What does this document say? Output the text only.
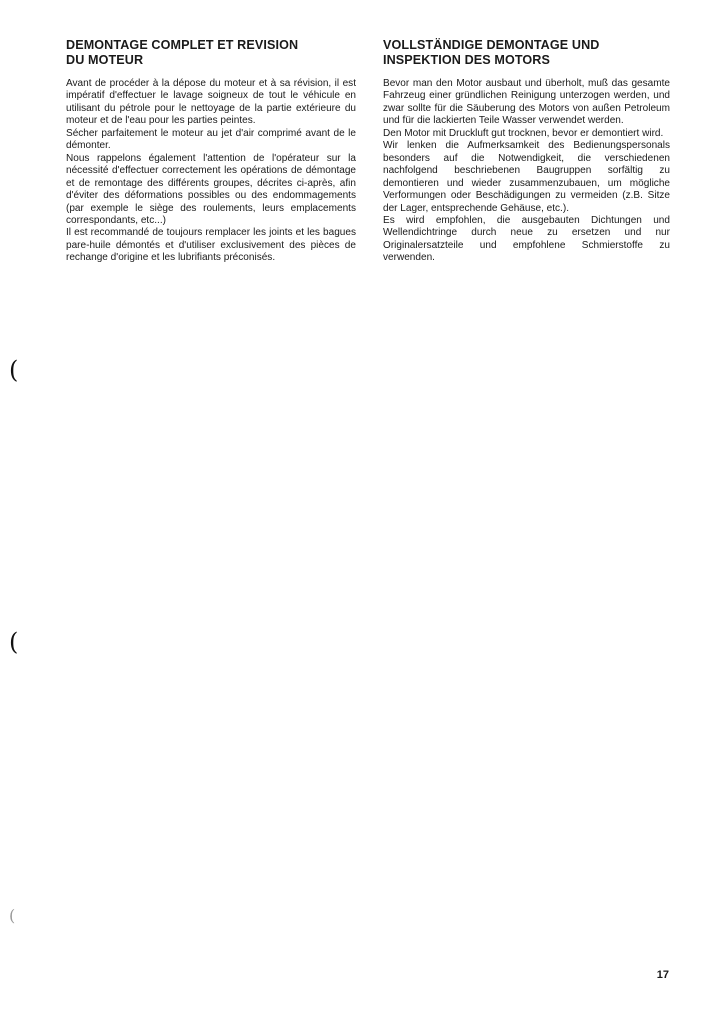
DEMONTAGE COMPLET ET REVISION
DU MOTEUR

Avant de procéder à la dépose du moteur et à sa révision, il est impératif d'effectuer le lavage soigneux de tout le véhicule en utilisant du pétrole pour le nettoyage de la partie extérieure du moteur et de l'eau pour les parties peintes.

Sécher parfaitement le moteur au jet d'air comprimé avant de le démonter.

Nous rappelons également l'attention de l'opérateur sur la nécessité d'effectuer correctement les opérations de démontage et de remontage des différents groupes, décrites ci-après, afin d'éviter des déformations possibles ou des endommagements (par exemple le siège des roulements, leurs emplacements correspondants, etc...)

Il est recommandé de toujours remplacer les joints et les bagues pare-huile démontés et d'utiliser exclusivement des pièces de rechange d'origine et les lubrifiants préconisés.

VOLLSTÄNDIGE DEMONTAGE UND
INSPEKTION DES MOTORS

Bevor man den Motor ausbaut und überholt, muß das gesamte Fahrzeug einer gründlichen Reinigung unterzogen werden, und zwar sollte für die Säuberung des Motors von außen Petroleum und für die lackierten Teile Wasser verwendet werden.

Den Motor mit Druckluft gut trocknen, bevor er demontiert wird.

Wir lenken die Aufmerksamkeit des Bedienungspersonals besonders auf die Notwendigkeit, die verschiedenen nachfolgend beschriebenen Baugruppen sorfältig zu demontieren und wieder zusammenzubauen, um mögliche Verformungen oder Beschädigungen zu vermeiden (z.B. Sitze der Lager, entsprechende Gehäuse, etc.).

Es wird empfohlen, die ausgebauten Dichtungen und Wellendichtringe durch neue zu ersetzen und nur Originalersatzteile und empfohlene Schmierstoffe zu verwenden.

(
(
(

17
